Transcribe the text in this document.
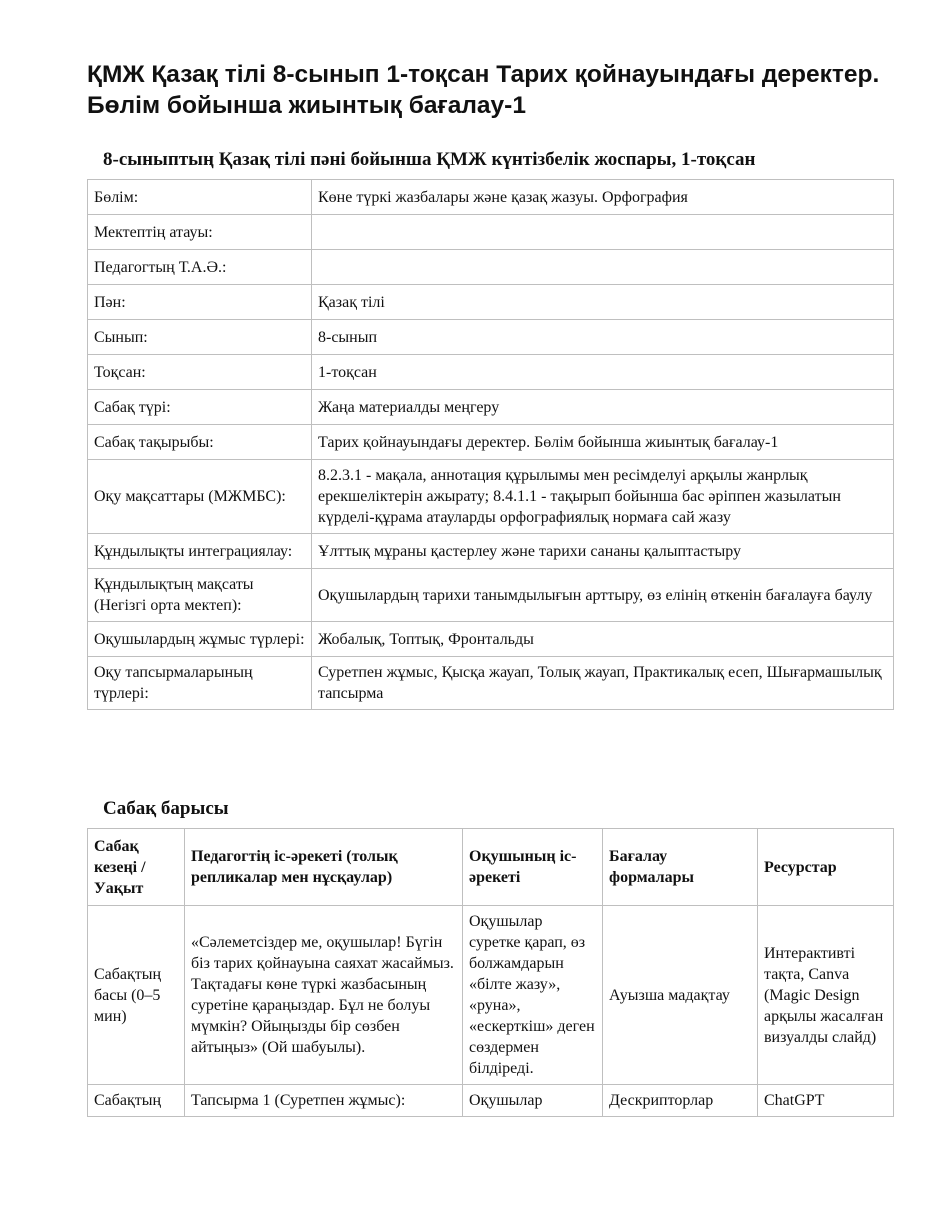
ҚМЖ Қазақ тілі 8-сынып 1-тоқсан Тарих қойнауындағы деректер. Бөлім бойынша жиынтық бағалау-1
8-сыныптың Қазақ тілі пәні бойынша ҚМЖ күнтізбелік жоспары, 1-тоқсан
Бөлім:	Көне түркі жазбалары және қазақ жазуы. Орфография
Мектептің атауы:	
Педагогтың Т.А.Ә.:	
Пән:	Қазақ тілі
Сынып:	8-сынып
Тоқсан:	1-тоқсан
Сабақ түрі:	Жаңа материалды меңгеру
Сабақ тақырыбы:	Тарих қойнауындағы деректер. Бөлім бойынша жиынтық бағалау-1
Оқу мақсаттары (МЖМБС):	8.2.3.1 - мақала, аннотация құрылымы мен ресімделуі арқылы жанрлық ерекшеліктерін ажырату; 8.4.1.1 - тақырып бойынша бас әріппен жазылатын күрделі-құрама атауларды орфографиялық нормаға сай жазу
Құндылықты интеграциялау:	Ұлттық мұраны қастерлеу және тарихи сананы қалыптастыру
Құндылықтың мақсаты (Негізгі орта мектеп):	Оқушылардың тарихи танымдылығын арттыру, өз елінің өткенін бағалауға баулу
Оқушылардың жұмыс түрлері:	Жобалық, Топтық, Фронтальды
Оқу тапсырмаларының түрлері:	Суретпен жұмыс, Қысқа жауап, Толық жауап, Практикалық есеп, Шығармашылық тапсырма
Сабақ барысы
Сабақ кезеңі / Уақыт	Педагогтің іс-әрекеті (толық репликалар мен нұсқаулар)	Оқушының іс-әрекеті	Бағалау формалары	Ресурстар
Сабақтың басы (0–5 мин)	«Сәлеметсіздер ме, оқушылар! Бүгін біз тарих қойнауына саяхат жасаймыз. Тақтадағы көне түркі жазбасының суретіне қараңыздар. Бұл не болуы мүмкін? Ойыңызды бір сөзбен айтыңыз» (Ой шабуылы).	Оқушылар суретке қарап, өз болжамдарын «білте жазу», «руна», «ескерткіш» деген сөздермен білдіреді.	Ауызша мадақтау	Интерактивті тақта, Canva (Magic Design арқылы жасалған визуалды слайд)
Сабақтың	Тапсырма 1 (Суретпен жұмыс):	Оқушылар	Дескрипторлар	ChatGPT
